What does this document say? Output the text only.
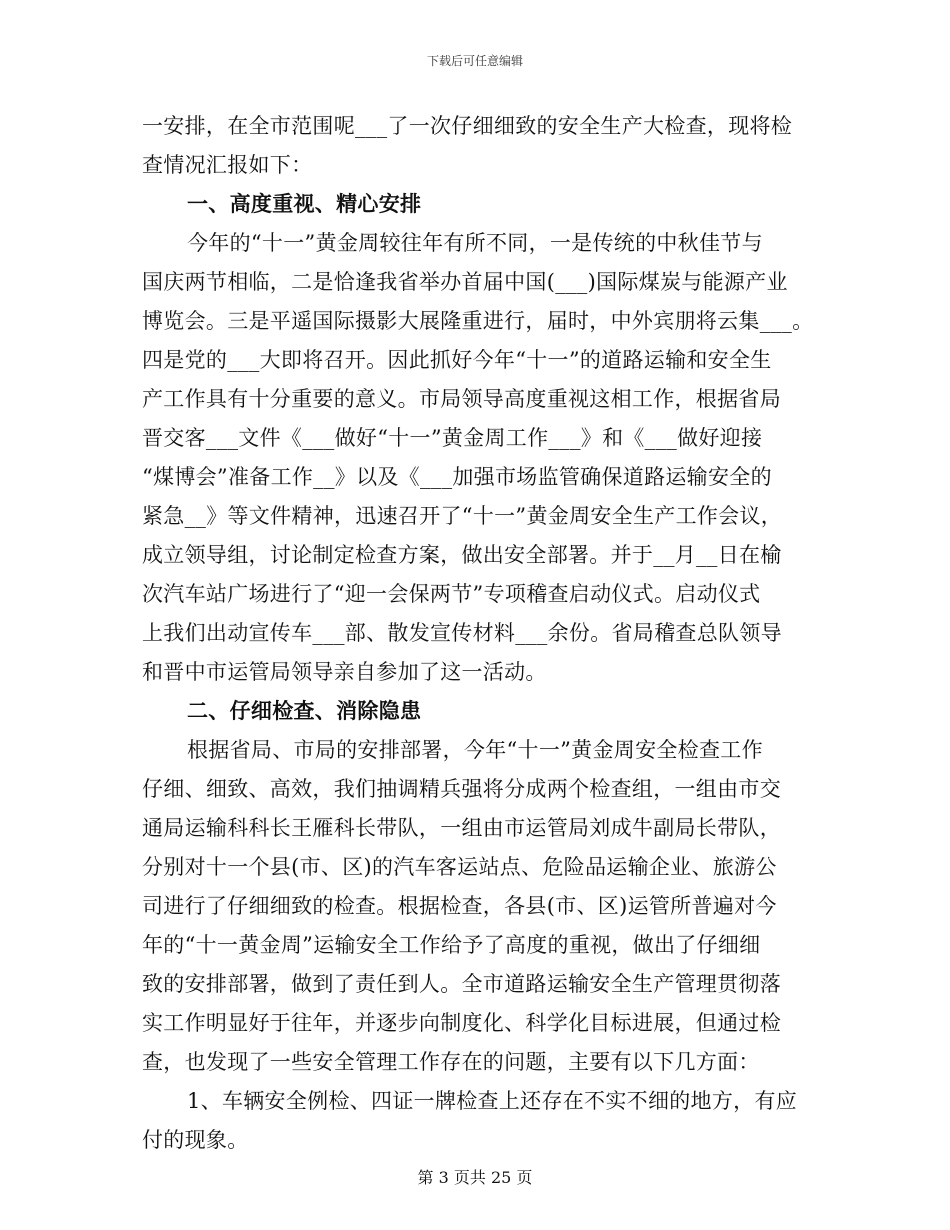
下载后可任意编辑
一安排，在全市范围呢___了一次仔细细致的安全生产大检查，现将检
查情况汇报如下：
一、高度重视、精心安排
今年的“十一”黄金周较往年有所不同，一是传统的中秋佳节与
国庆两节相临，二是恰逢我省举办首届中国(___)国际煤炭与能源产业
博览会。三是平遥国际摄影大展隆重进行，届时，中外宾朋将云集___。
四是党的___大即将召开。因此抓好今年“十一”的道路运输和安全生
产工作具有十分重要的意义。市局领导高度重视这相工作，根据省局
晋交客___文件《___做好“十一”黄金周工作___》和《___做好迎接
“煤博会”准备工作__》以及《___加强市场监管确保道路运输安全的
紧急__》等文件精神，迅速召开了“十一”黄金周安全生产工作会议，
成立领导组，讨论制定检查方案，做出安全部署。并于__月__日在榆
次汽车站广场进行了“迎一会保两节”专项稽查启动仪式。启动仪式
上我们出动宣传车___部、散发宣传材料___余份。省局稽查总队领导
和晋中市运管局领导亲自参加了这一活动。
二、仔细检查、消除隐患
根据省局、市局的安排部署，今年“十一”黄金周安全检查工作
仔细、细致、高效，我们抽调精兵强将分成两个检查组，一组由市交
通局运输科科长王雁科长带队，一组由市运管局刘成牛副局长带队，
分别对十一个县(市、区)的汽车客运站点、危险品运输企业、旅游公
司进行了仔细细致的检查。根据检查，各县(市、区)运管所普遍对今
年的“十一黄金周”运输安全工作给予了高度的重视，做出了仔细细
致的安排部署，做到了责任到人。全市道路运输安全生产管理贯彻落
实工作明显好于往年，并逐步向制度化、科学化目标进展，但通过检
查，也发现了一些安全管理工作存在的问题，主要有以下几方面：
1、车辆安全例检、四证一牌检查上还存在不实不细的地方，有应
付的现象。
第 3 页共 25 页
